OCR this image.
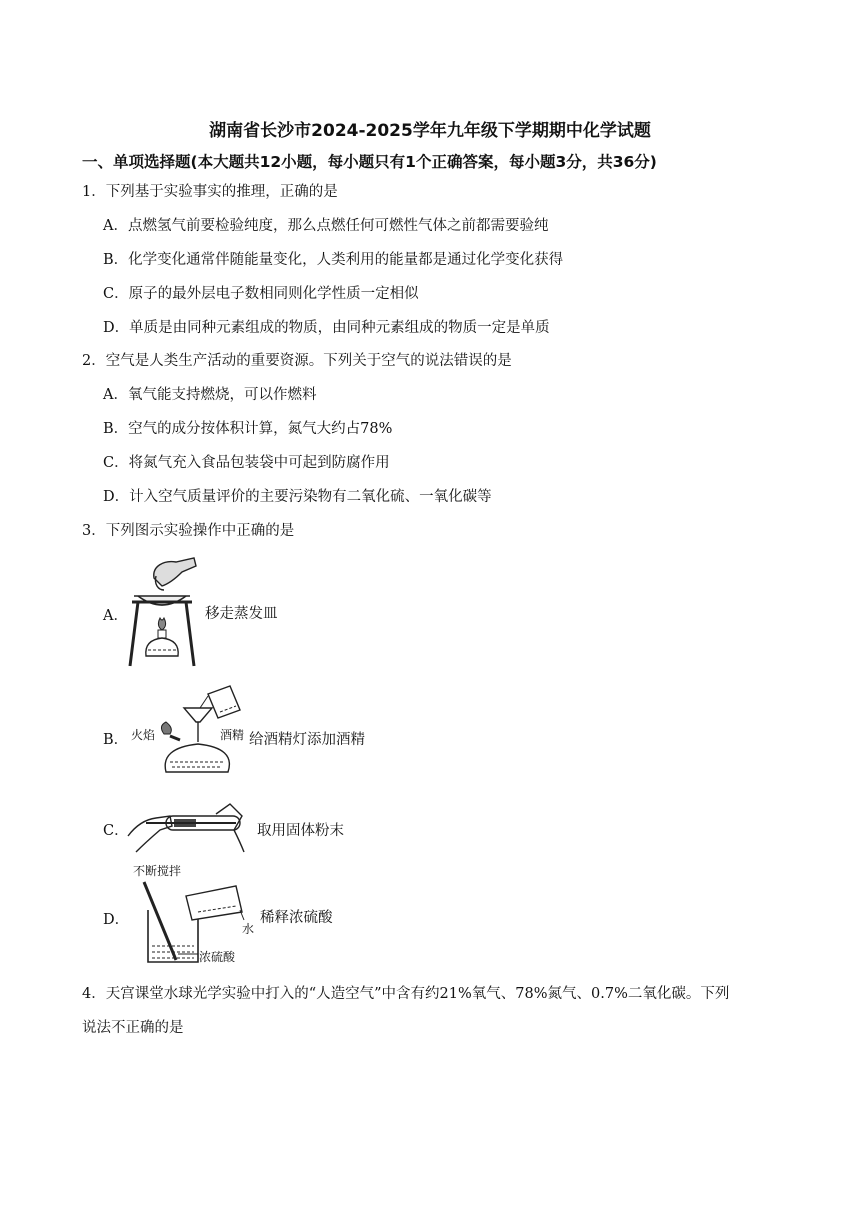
湖南省长沙市2024-2025学年九年级下学期期中化学试题
一、单项选择题(本大题共12小题，每小题只有1个正确答案，每小题3分，共36分)
1．下列基于实验事实的推理，正确的是
A．点燃氢气前要检验纯度，那么点燃任何可燃性气体之前都需要验纯
B．化学变化通常伴随能量变化，人类利用的能量都是通过化学变化获得
C．原子的最外层电子数相同则化学性质一定相似
D．单质是由同种元素组成的物质，由同种元素组成的物质一定是单质
2．空气是人类生产活动的重要资源。下列关于空气的说法错误的是
A．氧气能支持燃烧，可以作燃料
B．空气的成分按体积计算，氮气大约占78%
C．将氮气充入食品包装袋中可起到防腐作用
D．计入空气质量评价的主要污染物有二氧化硫、一氧化碳等
3．下列图示实验操作中正确的是
A．	移走蒸发皿
B． 火焰	酒精 给酒精灯添加酒精
C．	取用固体粉末
D．
不断搅拌
水
浓硫酸
稀释浓硫酸
4．天宫课堂水球光学实验中打入的“人造空气”中含有约21%氧气、78%氮气、0.7%二氧化碳。下列
说法不正确的是
